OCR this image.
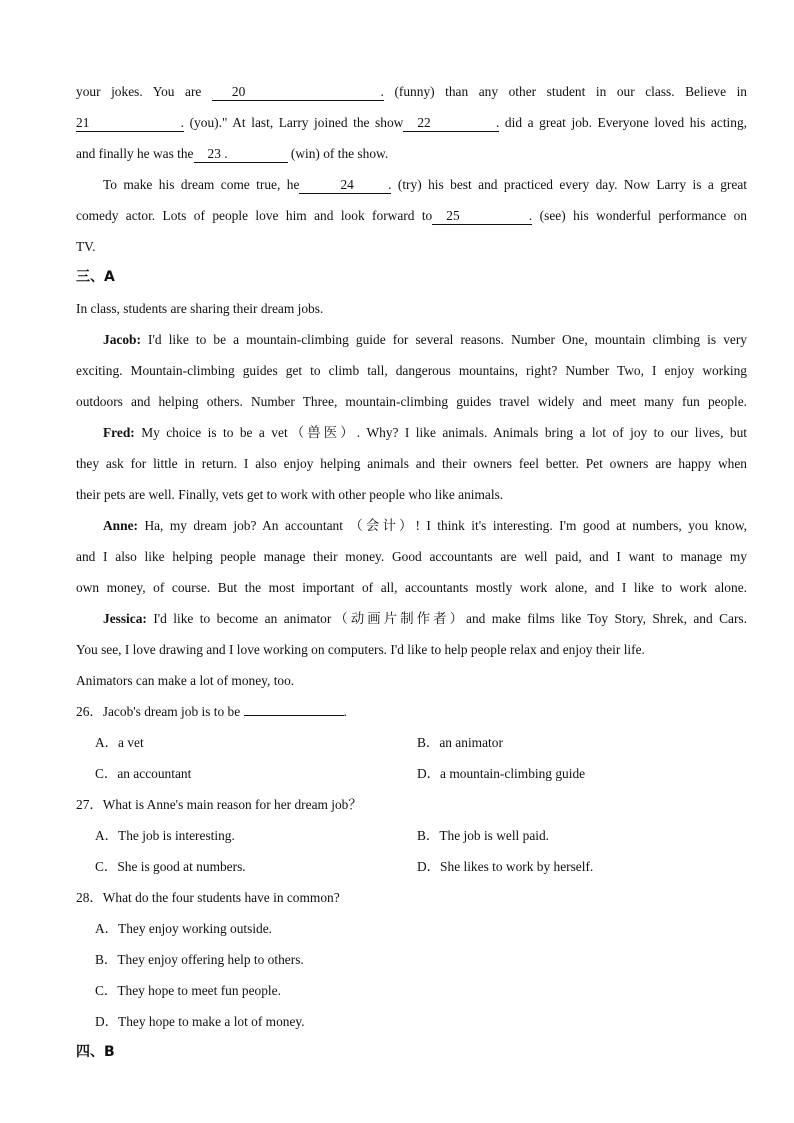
your jokes. You are 20 . (funny) than any other student in our class. Believe in

21 . (you)." At last, Larry joined the show 22 . did a great job. Everyone loved his acting,

and finally he was the 23 .	(win) of the show.

To make his dream come true, he	24 . (try) his best and practiced every day. Now Larry is a great

comedy actor. Lots of people love him and look forward to 25 . (see) his wonderful performance on

TV.

三、A

In class, students are sharing their dream jobs.

Jacob: I'd like to be a mountain-climbing guide for several reasons. Number One, mountain climbing is very

exciting. Mountain-climbing guides get to climb tall, dangerous mountains, right? Number Two, I enjoy working

outdoors and helping others. Number Three, mountain-climbing guides travel widely and meet many fun people.

Fred: My choice is to be a vet（兽医）. Why? I like animals. Animals bring a lot of joy to our lives, but

they ask for little in return. I also enjoy helping animals and their owners feel better. Pet owners are happy when

their pets are well. Finally, vets get to work with other people who like animals.

Anne: Ha, my dream job? An accountant （会计）! I think it's interesting. I'm good at numbers, you know,

and I also like helping people manage their money. Good accountants are well paid, and I want to manage my

own money, of course. But the most important of all, accountants mostly work alone, and I like to work alone.

Jessica: I'd like to become an animator（动画片制作者）and make films like Toy Story, Shrek, and Cars.

You see, I love drawing and I love working on computers. I'd like to help people relax and enjoy their life.

Animators can make a lot of money, too.

26．Jacob's dream job is to be	.

A．a vet	B．an animator
C．an accountant	D．a mountain-climbing guide

27．What is Anne's main reason for her dream job？

A．The job is interesting.	B．The job is well paid.
C．She is good at numbers.	D．She likes to work by herself.

28．What do the four students have in common?

A．They enjoy working outside.

B．They enjoy offering help to others.

C．They hope to meet fun people.

D．They hope to make a lot of money.

四、B
